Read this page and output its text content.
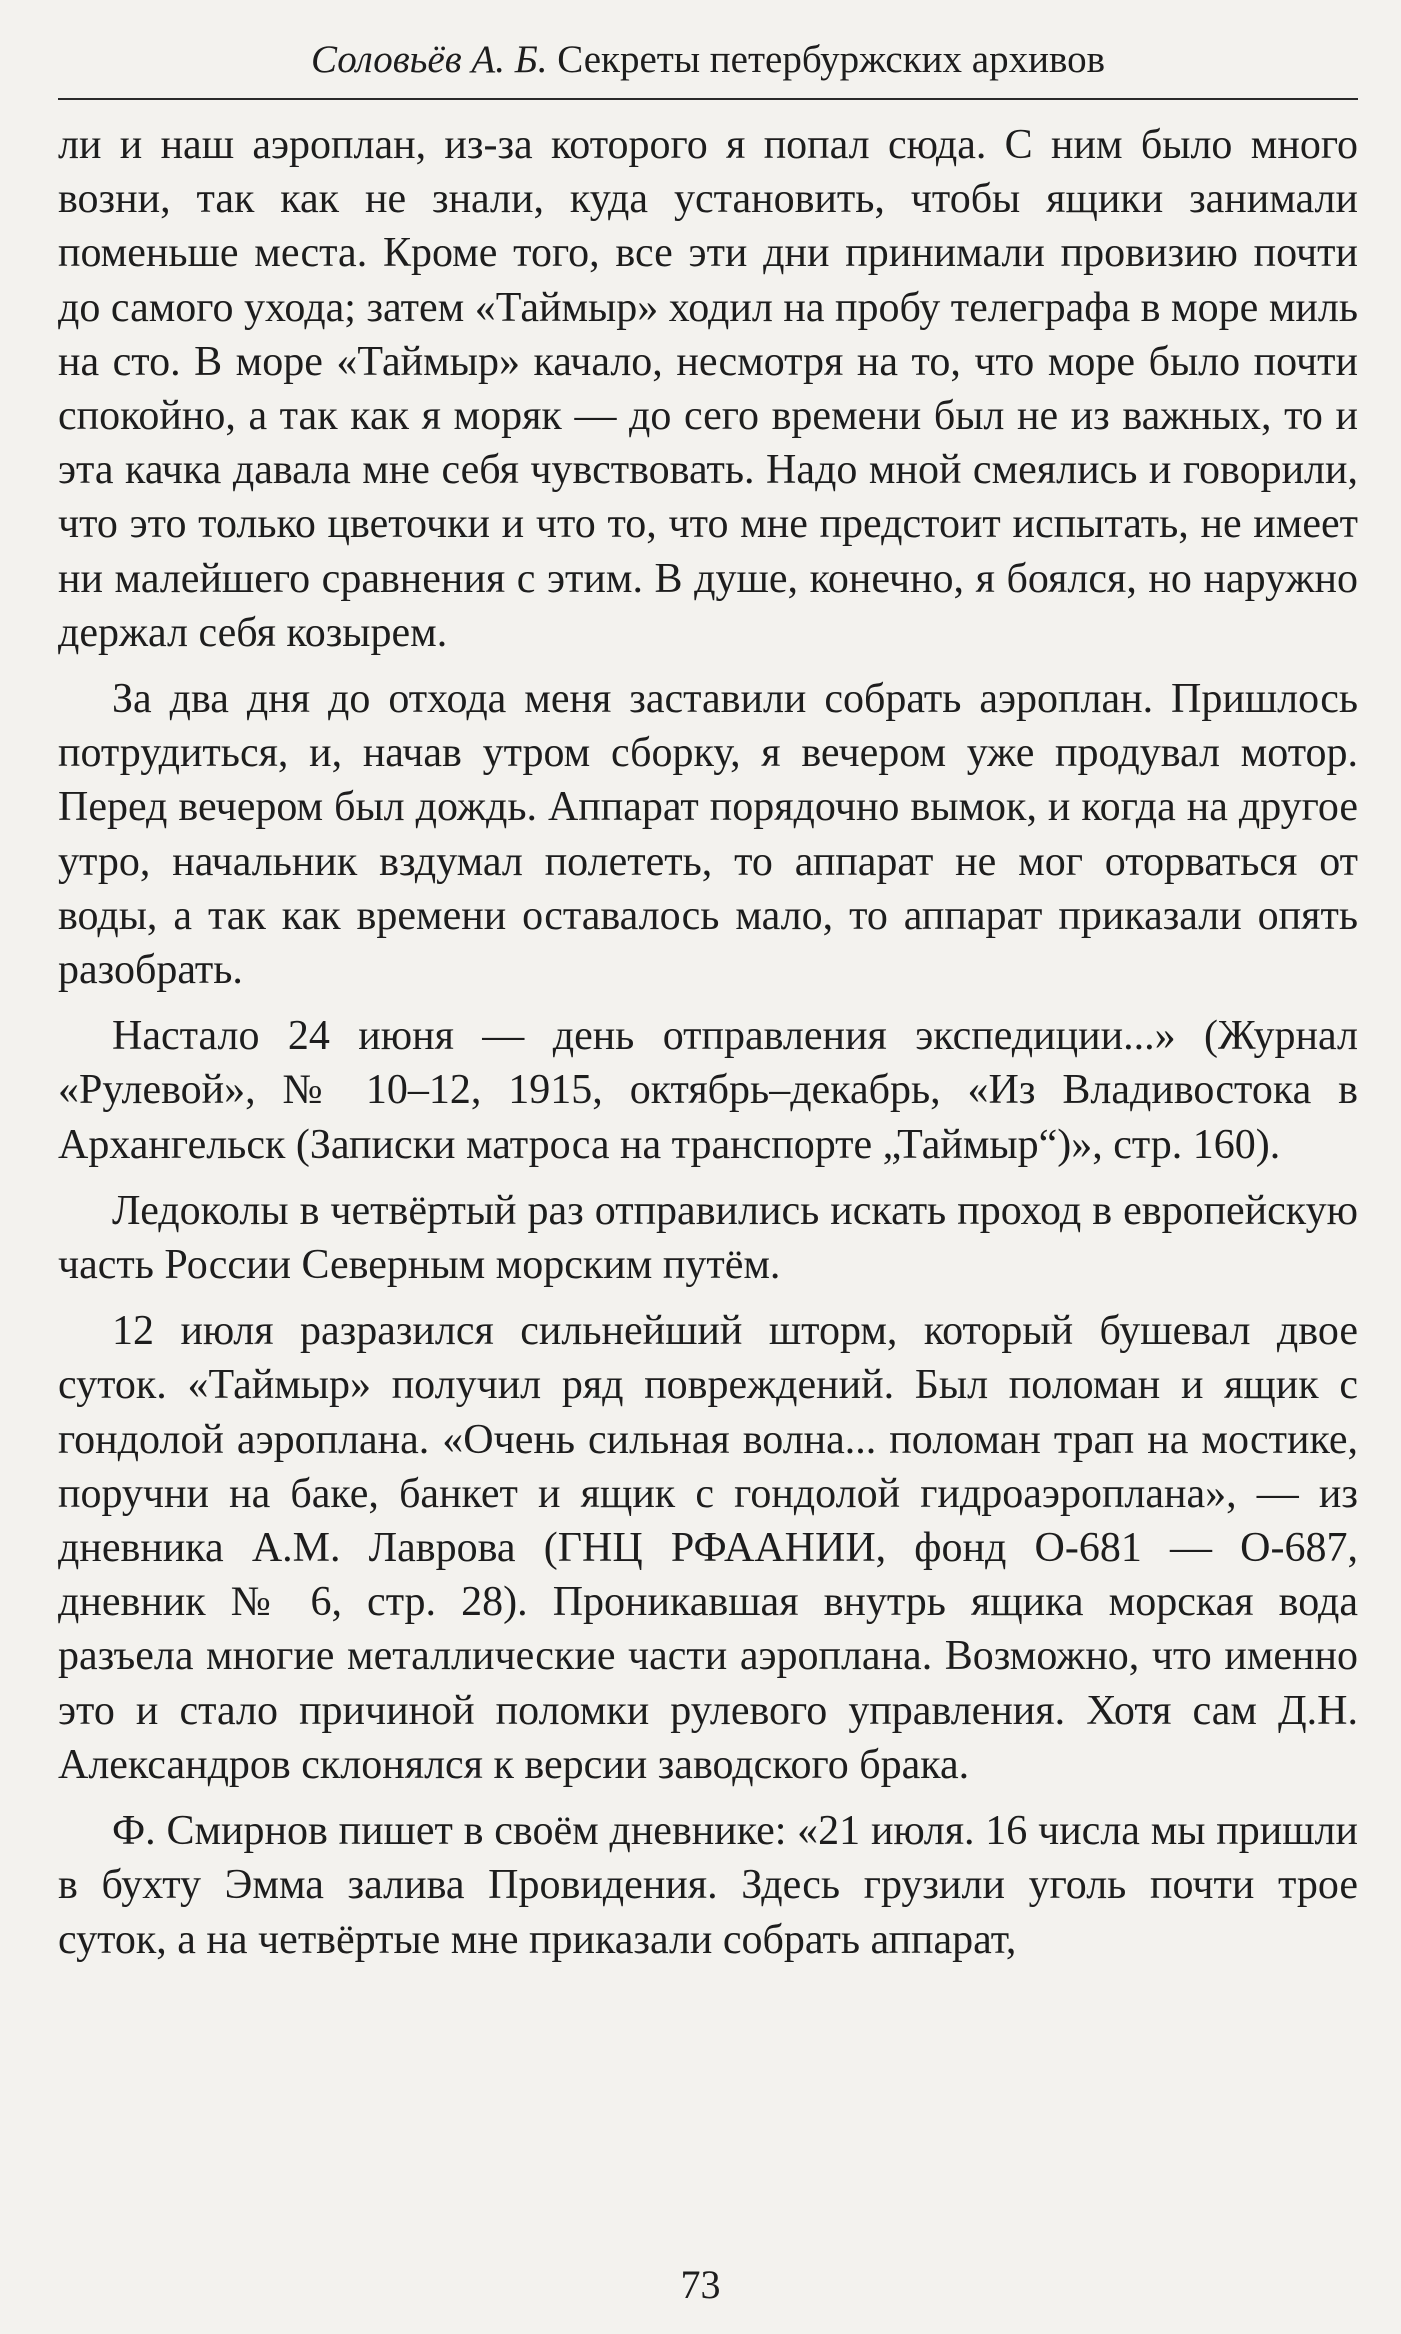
Соловьёв А. Б. Секреты петербуржских архивов

ли и наш аэроплан, из-за которого я попал сюда. С ним было много возни, так как не знали, куда установить, чтобы ящики занимали поменьше места. Кроме того, все эти дни принимали провизию почти до самого ухода; затем «Таймыр» ходил на пробу телеграфа в море миль на сто. В море «Таймыр» качало, несмотря на то, что море было почти спокойно, а так как я моряк — до сего времени был не из важных, то и эта качка давала мне себя чувствовать. Надо мной смеялись и говорили, что это только цветочки и что то, что мне предстоит испытать, не имеет ни малейшего сравнения с этим. В душе, конечно, я боялся, но наружно держал себя козырем.

За два дня до отхода меня заставили собрать аэроплан. Пришлось потрудиться, и, начав утром сборку, я вечером уже продувал мотор. Перед вечером был дождь. Аппарат порядочно вымок, и когда на другое утро, начальник вздумал полететь, то аппарат не мог оторваться от воды, а так как времени оставалось мало, то аппарат приказали опять разобрать.

Настало 24 июня — день отправления экспедиции...» (Журнал «Рулевой», № 10–12, 1915, октябрь–декабрь, «Из Владивостока в Архангельск (Записки матроса на транспорте „Таймыр“)», стр. 160).

Ледоколы в четвёртый раз отправились искать проход в европейскую часть России Северным морским путём.

12 июля разразился сильнейший шторм, который бушевал двое суток. «Таймыр» получил ряд повреждений. Был поломан и ящик с гондолой аэроплана. «Очень сильная волна... поломан трап на мостике, поручни на баке, банкет и ящик с гондолой гидроаэроплана», — из дневника А.М. Лаврова (ГНЦ РФААНИИ, фонд О-681 — О-687, дневник № 6, стр. 28). Проникавшая внутрь ящика морская вода разъела многие металлические части аэроплана. Возможно, что именно это и стало причиной поломки рулевого управления. Хотя сам Д.Н. Александров склонялся к версии заводского брака.

Ф. Смирнов пишет в своём дневнике: «21 июля. 16 числа мы пришли в бухту Эмма залива Провидения. Здесь грузили уголь почти трое суток, а на четвёртые мне приказали собрать аппарат,

73
